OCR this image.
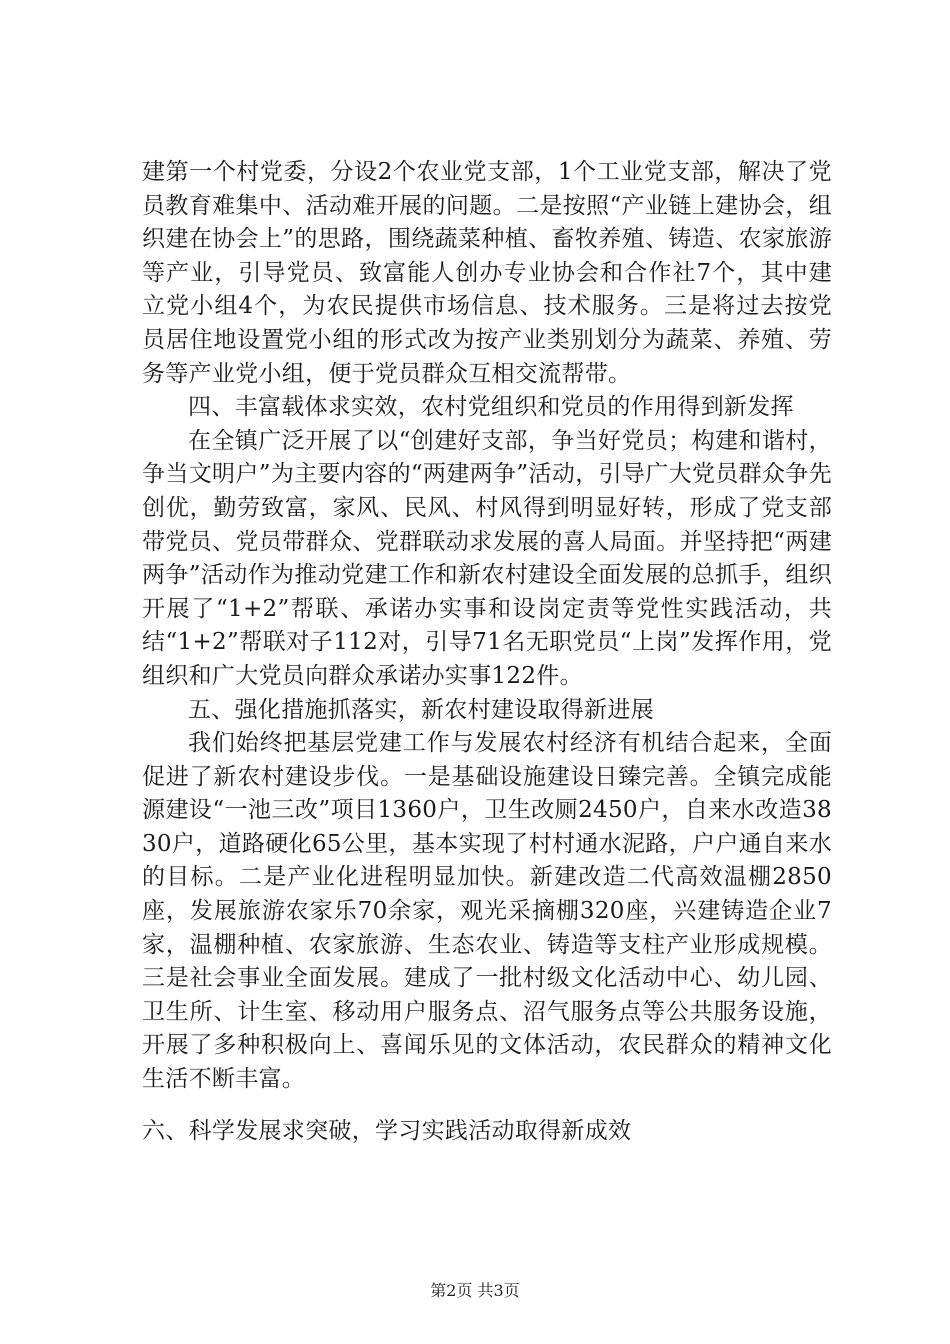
建第一个村党委，分设2个农业党支部，1个工业党支部，解决了党员教育难集中、活动难开展的问题。二是按照“产业链上建协会，组织建在协会上”的思路，围绕蔬菜种植、畜牧养殖、铸造、农家旅游等产业，引导党员、致富能人创办专业协会和合作社7个，其中建立党小组4个，为农民提供市场信息、技术服务。三是将过去按党员居住地设置党小组的形式改为按产业类别划分为蔬菜、养殖、劳务等产业党小组，便于党员群众互相交流帮带。

四、丰富载体求实效，农村党组织和党员的作用得到新发挥

在全镇广泛开展了以“创建好支部，争当好党员；构建和谐村，争当文明户”为主要内容的“两建两争”活动，引导广大党员群众争先创优，勤劳致富，家风、民风、村风得到明显好转，形成了党支部带党员、党员带群众、党群联动求发展的喜人局面。并坚持把“两建两争”活动作为推动党建工作和新农村建设全面发展的总抓手，组织开展了“1+2”帮联、承诺办实事和设岗定责等党性实践活动，共结“1+2”帮联对子112对，引导71名无职党员“上岗”发挥作用，党组织和广大党员向群众承诺办实事122件。

五、强化措施抓落实，新农村建设取得新进展

我们始终把基层党建工作与发展农村经济有机结合起来，全面促进了新农村建设步伐。一是基础设施建设日臻完善。全镇完成能源建设“一池三改”项目1360户，卫生改厕2450户，自来水改造3830户，道路硬化65公里，基本实现了村村通水泥路，户户通自来水的目标。二是产业化进程明显加快。新建改造二代高效温棚2850座，发展旅游农家乐70余家，观光采摘棚320座，兴建铸造企业7家，温棚种植、农家旅游、生态农业、铸造等支柱产业形成规模。三是社会事业全面发展。建成了一批村级文化活动中心、幼儿园、卫生所、计生室、移动用户服务点、沼气服务点等公共服务设施，开展了多种积极向上、喜闻乐见的文体活动，农民群众的精神文化生活不断丰富。

六、科学发展求突破，学习实践活动取得新成效

第2页 共3页
